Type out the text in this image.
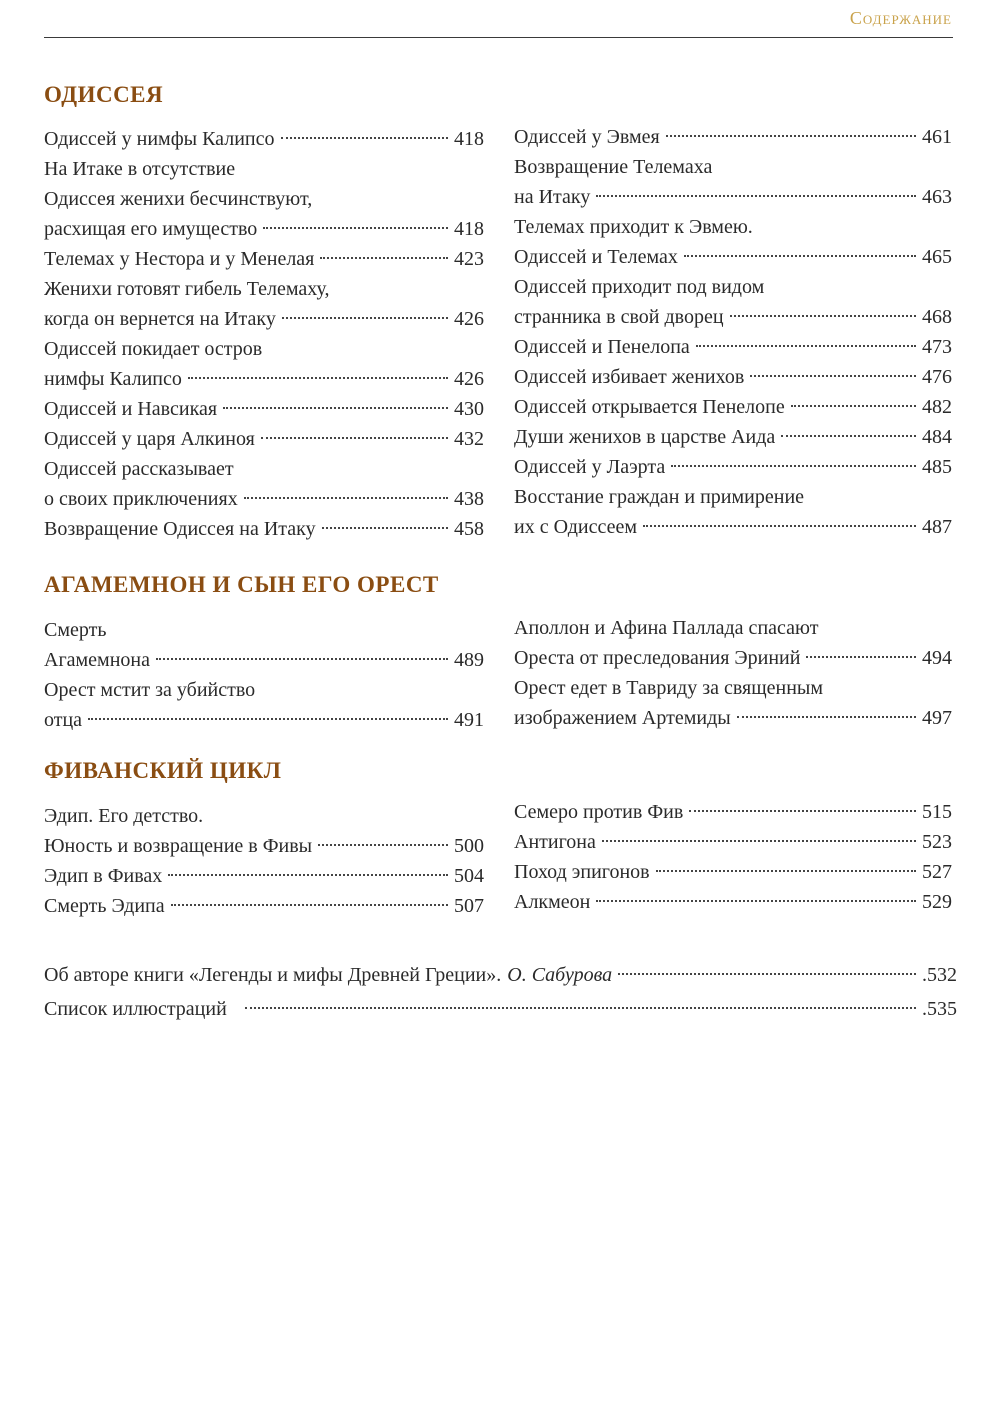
Содержание
ОДИССЕЯ
Одиссей у нимфы Калипсо	418
На Итаке в отсутствие
Одиссея женихи бесчинствуют,
расхищая его имущество	418
Телемах у Нестора и у Менелая	423
Женихи готовят гибель Телемаху,
когда он вернется на Итаку	426
Одиссей покидает остров
нимфы Калипсо	426
Одиссей и Навсикая	430
Одиссей у царя Алкиноя	432
Одиссей рассказывает
о своих приключениях	438
Возвращение Одиссея на Итаку	458
Одиссей у Эвмея	461
Возвращение Телемаха
на Итаку	463
Телемах приходит к Эвмею.
Одиссей и Телемах	465
Одиссей приходит под видом
странника в свой дворец	468
Одиссей и Пенелопа	473
Одиссей избивает женихов	476
Одиссей открывается Пенелопе	482
Души женихов в царстве Аида	484
Одиссей у Лаэрта	485
Восстание граждан и примирение
их с Одиссеем	487
АГАМЕМНОН И СЫН ЕГО ОРЕСТ
Смерть
Агамемнона	489
Орест мстит за убийство
отца	491
Аполлон и Афина Паллада спасают
Ореста от преследования Эриний	494
Орест едет в Тавриду за священным
изображением Артемиды	497
ФИВАНСКИЙ ЦИКЛ
Эдип. Его детство.
Юность и возвращение в Фивы	500
Эдип в Фивах	504
Смерть Эдипа	507
Семеро против Фив	515
Антигона	523
Поход эпигонов	527
Алкмеон	529
Об авторе книги «Легенды и мифы Древней Греции». О. Сабурова	.532
Список иллюстраций	.535
